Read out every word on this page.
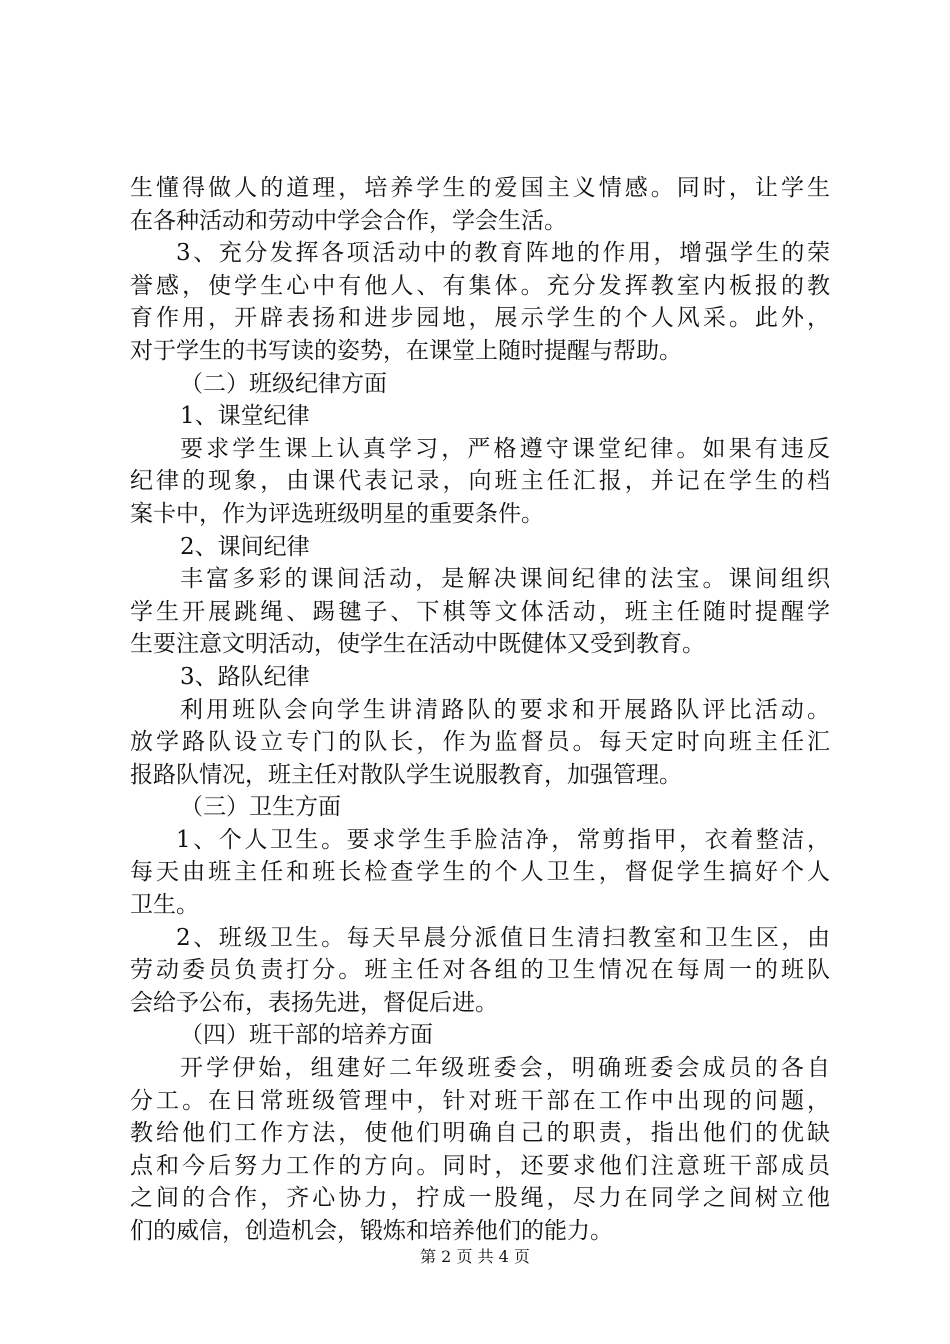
生懂得做人的道理，培养学生的爱国主义情感。同时，让学生
在各种活动和劳动中学会合作，学会生活。
3、充分发挥各项活动中的教育阵地的作用，增强学生的荣
誉感，使学生心中有他人、有集体。充分发挥教室内板报的教
育作用，开辟表扬和进步园地，展示学生的个人风采。此外，
对于学生的书写读的姿势，在课堂上随时提醒与帮助。
（二）班级纪律方面
1、课堂纪律
要求学生课上认真学习，严格遵守课堂纪律。如果有违反
纪律的现象，由课代表记录，向班主任汇报，并记在学生的档
案卡中，作为评选班级明星的重要条件。
2、课间纪律
丰富多彩的课间活动，是解决课间纪律的法宝。课间组织
学生开展跳绳、踢毽子、下棋等文体活动，班主任随时提醒学
生要注意文明活动，使学生在活动中既健体又受到教育。
3、路队纪律
利用班队会向学生讲清路队的要求和开展路队评比活动。
放学路队设立专门的队长，作为监督员。每天定时向班主任汇
报路队情况，班主任对散队学生说服教育，加强管理。
（三）卫生方面
1、个人卫生。要求学生手脸洁净，常剪指甲，衣着整洁，
每天由班主任和班长检查学生的个人卫生，督促学生搞好个人
卫生。
2、班级卫生。每天早晨分派值日生清扫教室和卫生区，由
劳动委员负责打分。班主任对各组的卫生情况在每周一的班队
会给予公布，表扬先进，督促后进。
（四）班干部的培养方面
开学伊始，组建好二年级班委会，明确班委会成员的各自
分工。在日常班级管理中，针对班干部在工作中出现的问题，
教给他们工作方法，使他们明确自己的职责，指出他们的优缺
点和今后努力工作的方向。同时，还要求他们注意班干部成员
之间的合作，齐心协力，拧成一股绳，尽力在同学之间树立他
们的威信，创造机会，锻炼和培养他们的能力。
第 2 页 共 4 页
